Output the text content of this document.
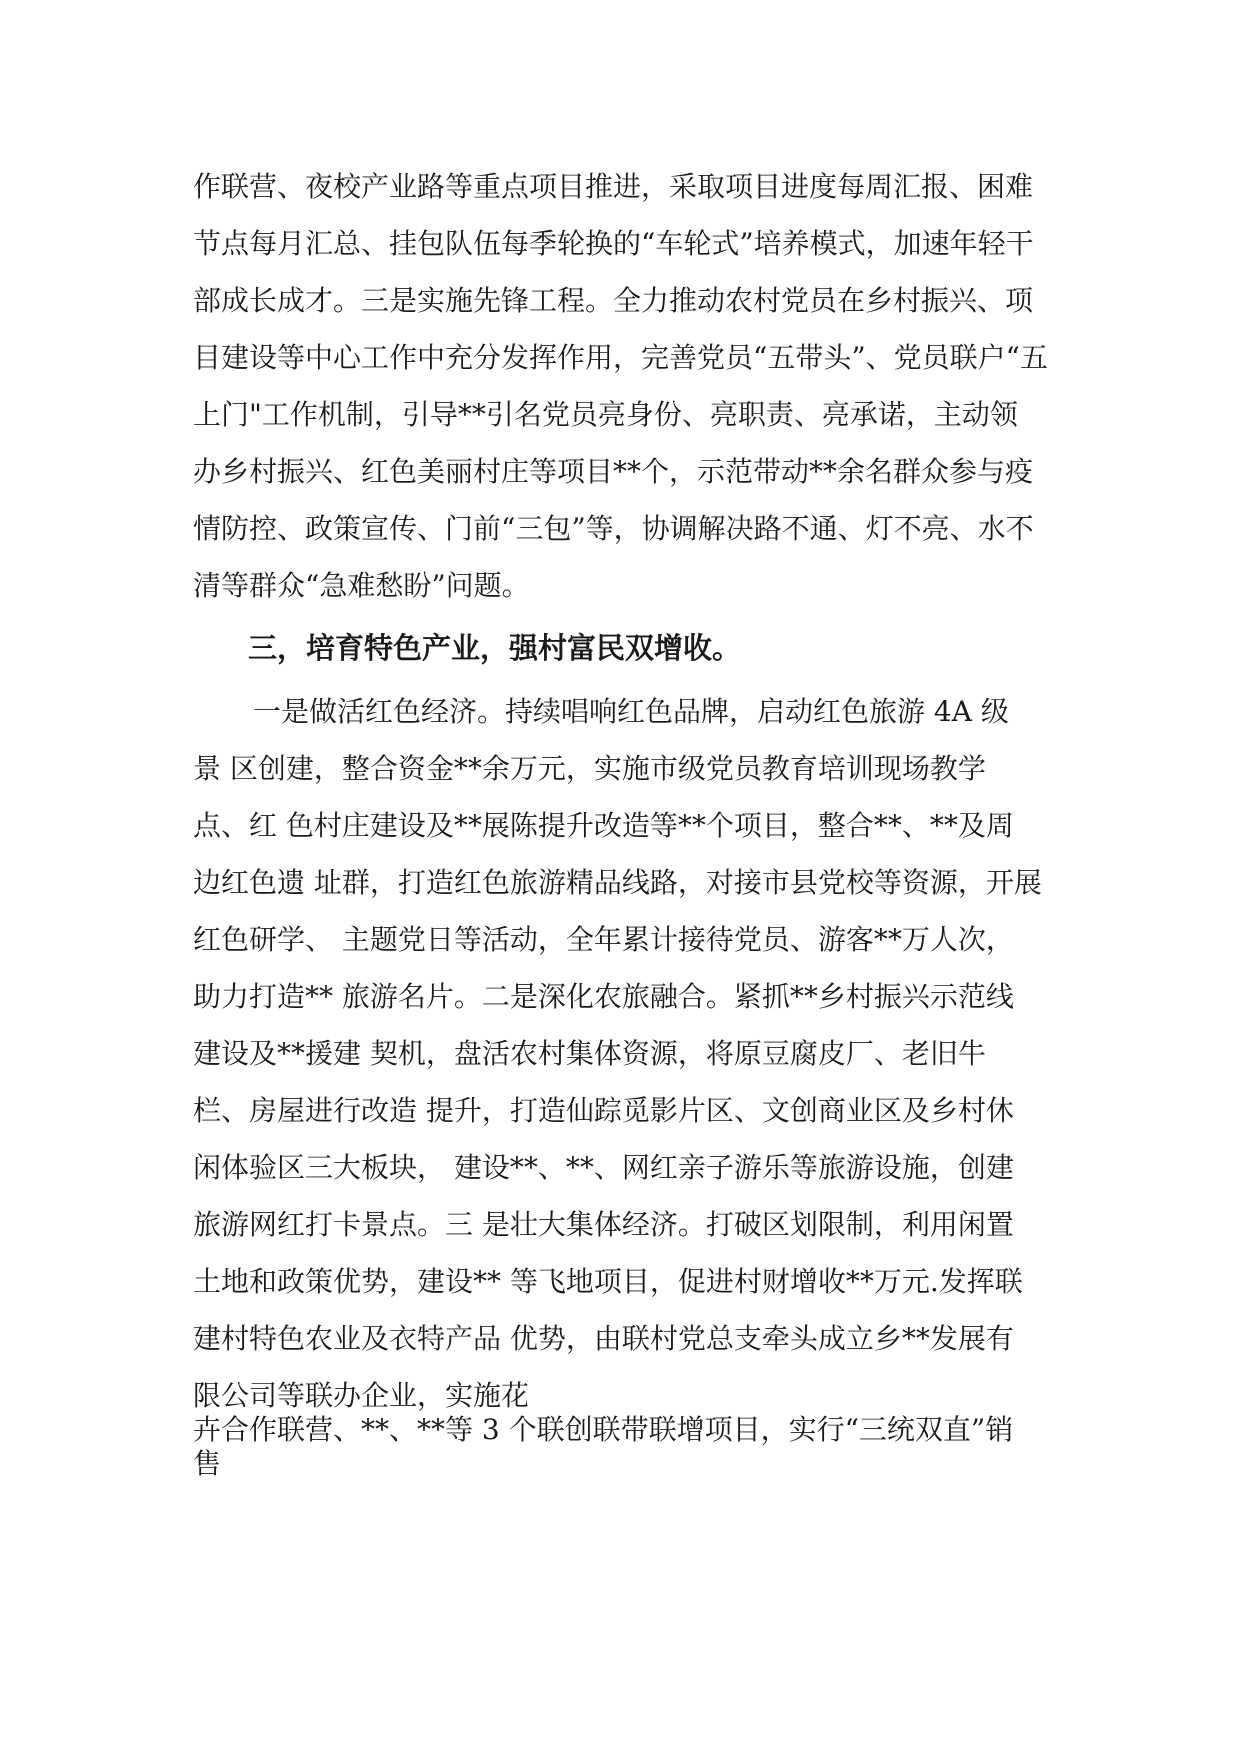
作联营、夜校产业路等重点项目推进，采取项目进度每周汇报、困难
节点每月汇总、挂包队伍每季轮换的“车轮式”培养模式，加速年轻干
部成长成才。三是实施先锋工程。全力推动农村党员在乡村振兴、项
目建设等中心工作中充分发挥作用，完善党员“五带头”、党员联户“五
上门"工作机制，引导**引名党员亮身份、亮职责、亮承诺，主动领
办乡村振兴、红色美丽村庄等项目**个，示范带动**余名群众参与疫
情防控、政策宣传、门前“三包”等，协调解决路不通、灯不亮、水不
清等群众“急难愁盼”问题。
三，培育特色产业，强村富民双增收。
一是做活红色经济。持续唱响红色品牌，启动红色旅游 4A 级
景 区创建，整合资金**余万元，实施市级党员教育培训现场教学
点、红 色村庄建设及**展陈提升改造等**个项目，整合**、**及周
边红色遗 址群，打造红色旅游精品线路，对接市县党校等资源，开展
红色研学、 主题党日等活动，全年累计接待党员、游客**万人次，
助力打造** 旅游名片。二是深化农旅融合。紧抓**乡村振兴示范线
建设及**援建 契机，盘活农村集体资源，将原豆腐皮厂、老旧牛
栏、房屋进行改造 提升，打造仙踪觅影片区、文创商业区及乡村休
闲体验区三大板块， 建设**、**、网红亲子游乐等旅游设施，创建
旅游网红打卡景点。三 是壮大集体经济。打破区划限制，利用闲置
土地和政策优势，建设** 等飞地项目，促进村财增收**万元.发挥联
建村特色农业及衣特产品 优势，由联村党总支牵头成立乡**发展有
限公司等联办企业，实施花
卉合作联营、**、**等 3 个联创联带联增项目，实行“三统双直”销
售
